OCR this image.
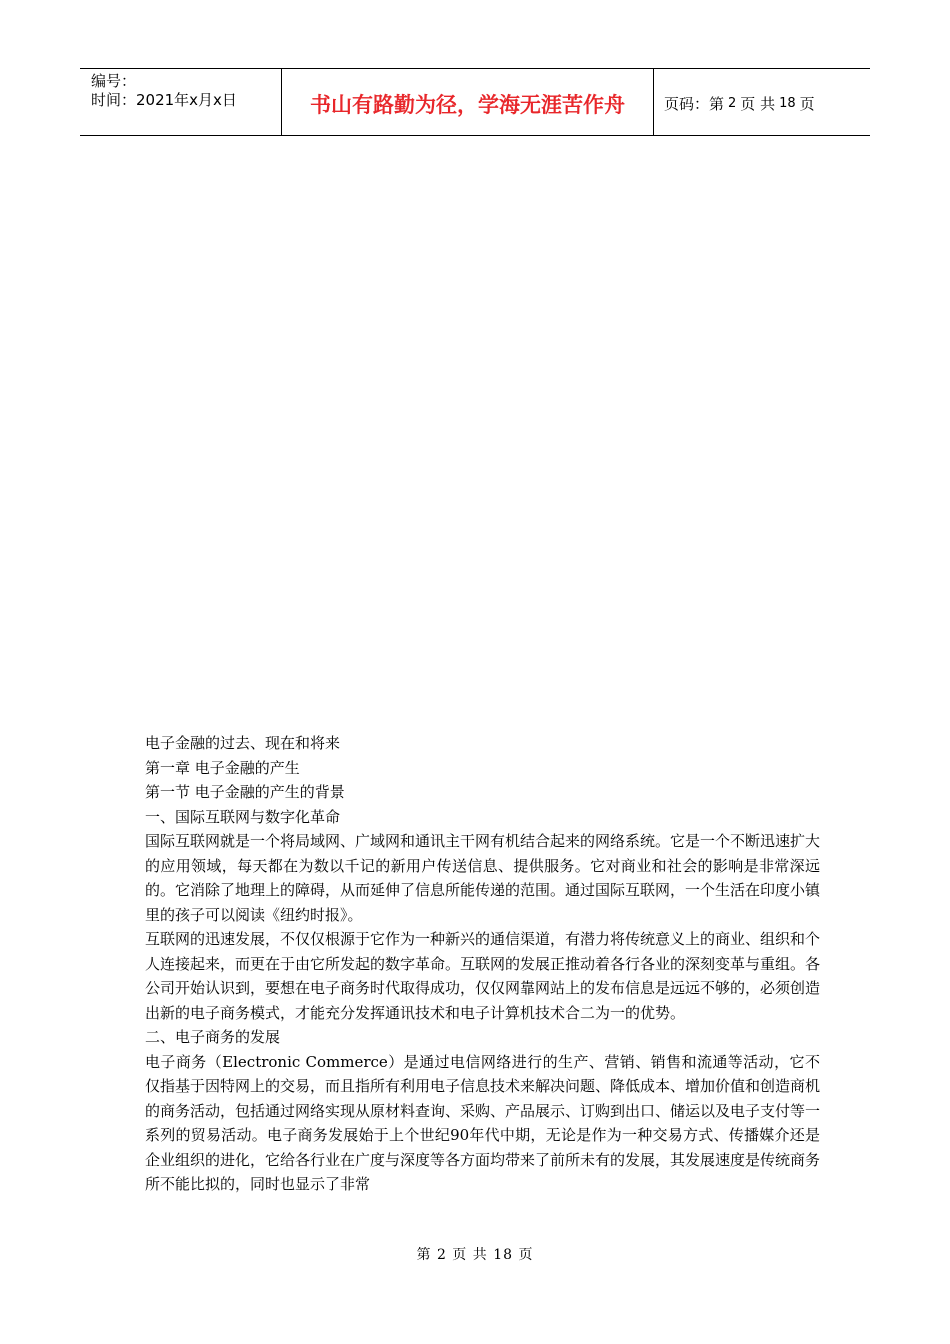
编号：
时间：2021年x月x日	书山有路勤为径，学海无涯苦作舟	页码：第 2 页 共 18 页

电子金融的过去、现在和将来

第一章 电子金融的产生

第一节 电子金融的产生的背景

一、国际互联网与数字化革命

国际互联网就是一个将局域网、广域网和通讯主干网有机结合起来的网络系统。它是一个不断迅速扩大的应用领域，每天都在为数以千记的新用户传送信息、提供服务。它对商业和社会的影响是非常深远的。它消除了地理上的障碍，从而延伸了信息所能传递的范围。通过国际互联网，一个生活在印度小镇里的孩子可以阅读《纽约时报》。

互联网的迅速发展，不仅仅根源于它作为一种新兴的通信渠道，有潜力将传统意义上的商业、组织和个人连接起来，而更在于由它所发起的数字革命。互联网的发展正推动着各行各业的深刻变革与重组。各公司开始认识到，要想在电子商务时代取得成功，仅仅网靠网站上的发布信息是远远不够的，必须创造出新的电子商务模式，才能充分发挥通讯技术和电子计算机技术合二为一的优势。

二、电子商务的发展

电子商务（Electronic Commerce）是通过电信网络进行的生产、营销、销售和流通等活动，它不仅指基于因特网上的交易，而且指所有利用电子信息技术来解决问题、降低成本、增加价值和创造商机的商务活动，包括通过网络实现从原材料查询、采购、产品展示、订购到出口、储运以及电子支付等一系列的贸易活动。电子商务发展始于上个世纪90年代中期，无论是作为一种交易方式、传播媒介还是企业组织的进化，它给各行业在广度与深度等各方面均带来了前所未有的发展，其发展速度是传统商务所不能比拟的，同时也显示了非常

第 2 页 共 18 页
